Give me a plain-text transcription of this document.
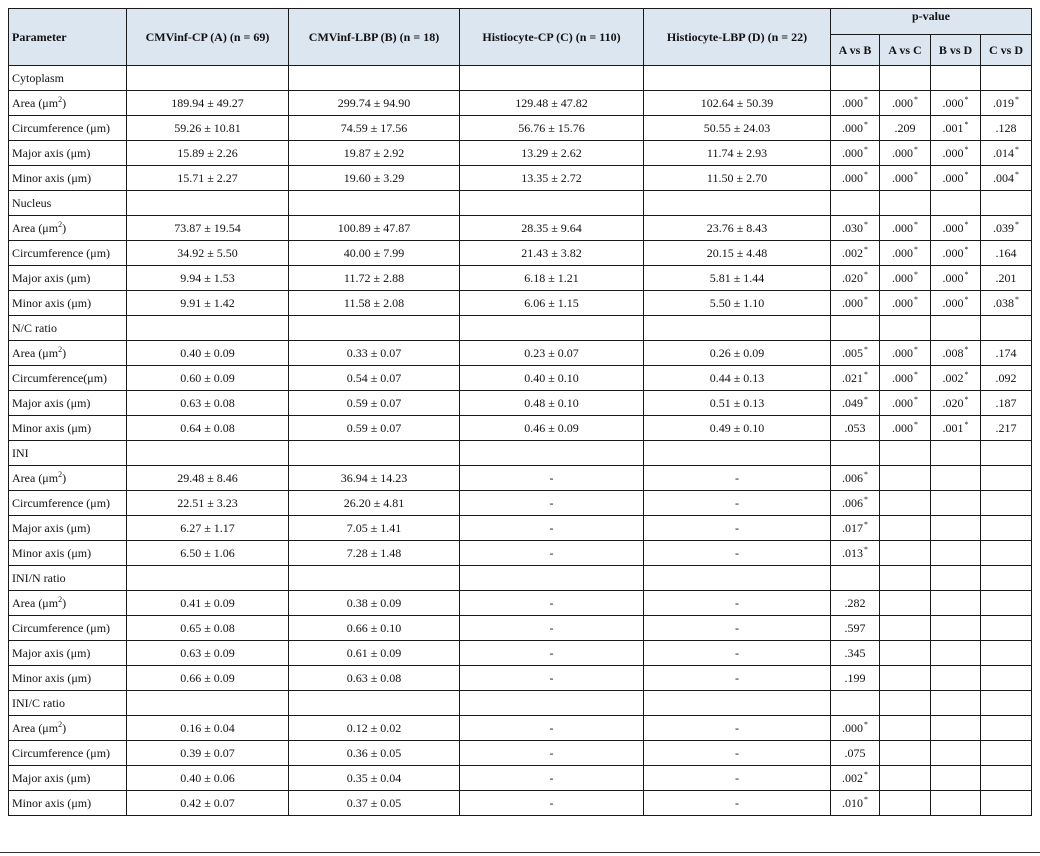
Parameter	CMVinf-CP (A) (n = 69)	CMVinf-LBP (B) (n = 18)	Histiocyte-CP (C) (n = 110)	Histiocyte-LBP (D) (n = 22)	p-value			
					A vs B	A vs C	B vs D	C vs D
Cytoplasm								
Area $(\mu m^2)$	189.94 ± 49.27	299.74 ± 94.90	129.48 ± 47.82	102.64 ± 50.39	.000*	.000*	.000*	.019*
Circumference (μm)	59.26 ± 10.81	74.59 ± 17.56	56.76 ± 15.76	50.55 ± 24.03	.000*	.209	.001*	.128
Major axis (μm)	15.89 ± 2.26	19.87 ± 2.92	13.29 ± 2.62	11.74 ± 2.93	.000*	.000*	.000*	.014*
Minor axis (μm)	15.71 ± 2.27	19.60 ± 3.29	13.35 ± 2.72	11.50 ± 2.70	.000*	.000*	.000*	.004*
Nucleus								
Area $(\mu m^2)$	73.87 ± 19.54	100.89 ± 47.87	28.35 ± 9.64	23.76 ± 8.43	.030*	.000*	.000*	.039*
Circumference (μm)	34.92 ± 5.50	40.00 ± 7.99	21.43 ± 3.82	20.15 ± 4.48	.002*	.000*	.000*	.164
Major axis (μm)	9.94 ± 1.53	11.72 ± 2.88	6.18 ± 1.21	5.81 ± 1.44	.020*	.000*	.000*	.201
Minor axis (μm)	9.91 ± 1.42	11.58 ± 2.08	6.06 ± 1.15	5.50 ± 1.10	.000*	.000*	.000*	.038*
N/C ratio								
Area $(\mu m^2)$	0.40 ± 0.09	0.33 ± 0.07	0.23 ± 0.07	0.26 ± 0.09	.005*	.000*	.008*	.174
Circumference(μm)	0.60 ± 0.09	0.54 ± 0.07	0.40 ± 0.10	0.44 ± 0.13	.021*	.000*	.002*	.092
Major axis (μm)	0.63 ± 0.08	0.59 ± 0.07	0.48 ± 0.10	0.51 ± 0.13	.049*	.000*	.020*	.187
Minor axis (μm)	0.64 ± 0.08	0.59 ± 0.07	0.46 ± 0.09	0.49 ± 0.10	.053	.000*	.001*	.217
INI								
Area $(\mu m^2)$	29.48 ± 8.46	36.94 ± 14.23	-	-	.006*			
Circumference (μm)	22.51 ± 3.23	26.20 ± 4.81	-	-	.006*			
Major axis (μm)	6.27 ± 1.17	7.05 ± 1.41	-	-	.017*			
Minor axis (μm)	6.50 ± 1.06	7.28 ± 1.48	-	-	.013*			
INI/N ratio								
Area $(\mu m^2)$	0.41 ± 0.09	0.38 ± 0.09	-	-	.282			
Circumference (μm)	0.65 ± 0.08	0.66 ± 0.10	-	-	.597			
Major axis (μm)	0.63 ± 0.09	0.61 ± 0.09	-	-	.345			
Minor axis (μm)	0.66 ± 0.09	0.63 ± 0.08	-	-	.199			
INI/C ratio								
Area $(\mu m^2)$	0.16 ± 0.04	0.12 ± 0.02	-	-	.000*			
Circumference (μm)	0.39 ± 0.07	0.36 ± 0.05	-	-	.075			
Major axis (μm)	0.40 ± 0.06	0.35 ± 0.04	-	-	.002*			
Minor axis (μm)	0.42 ± 0.07	0.37 ± 0.05	-	-	.010*			
